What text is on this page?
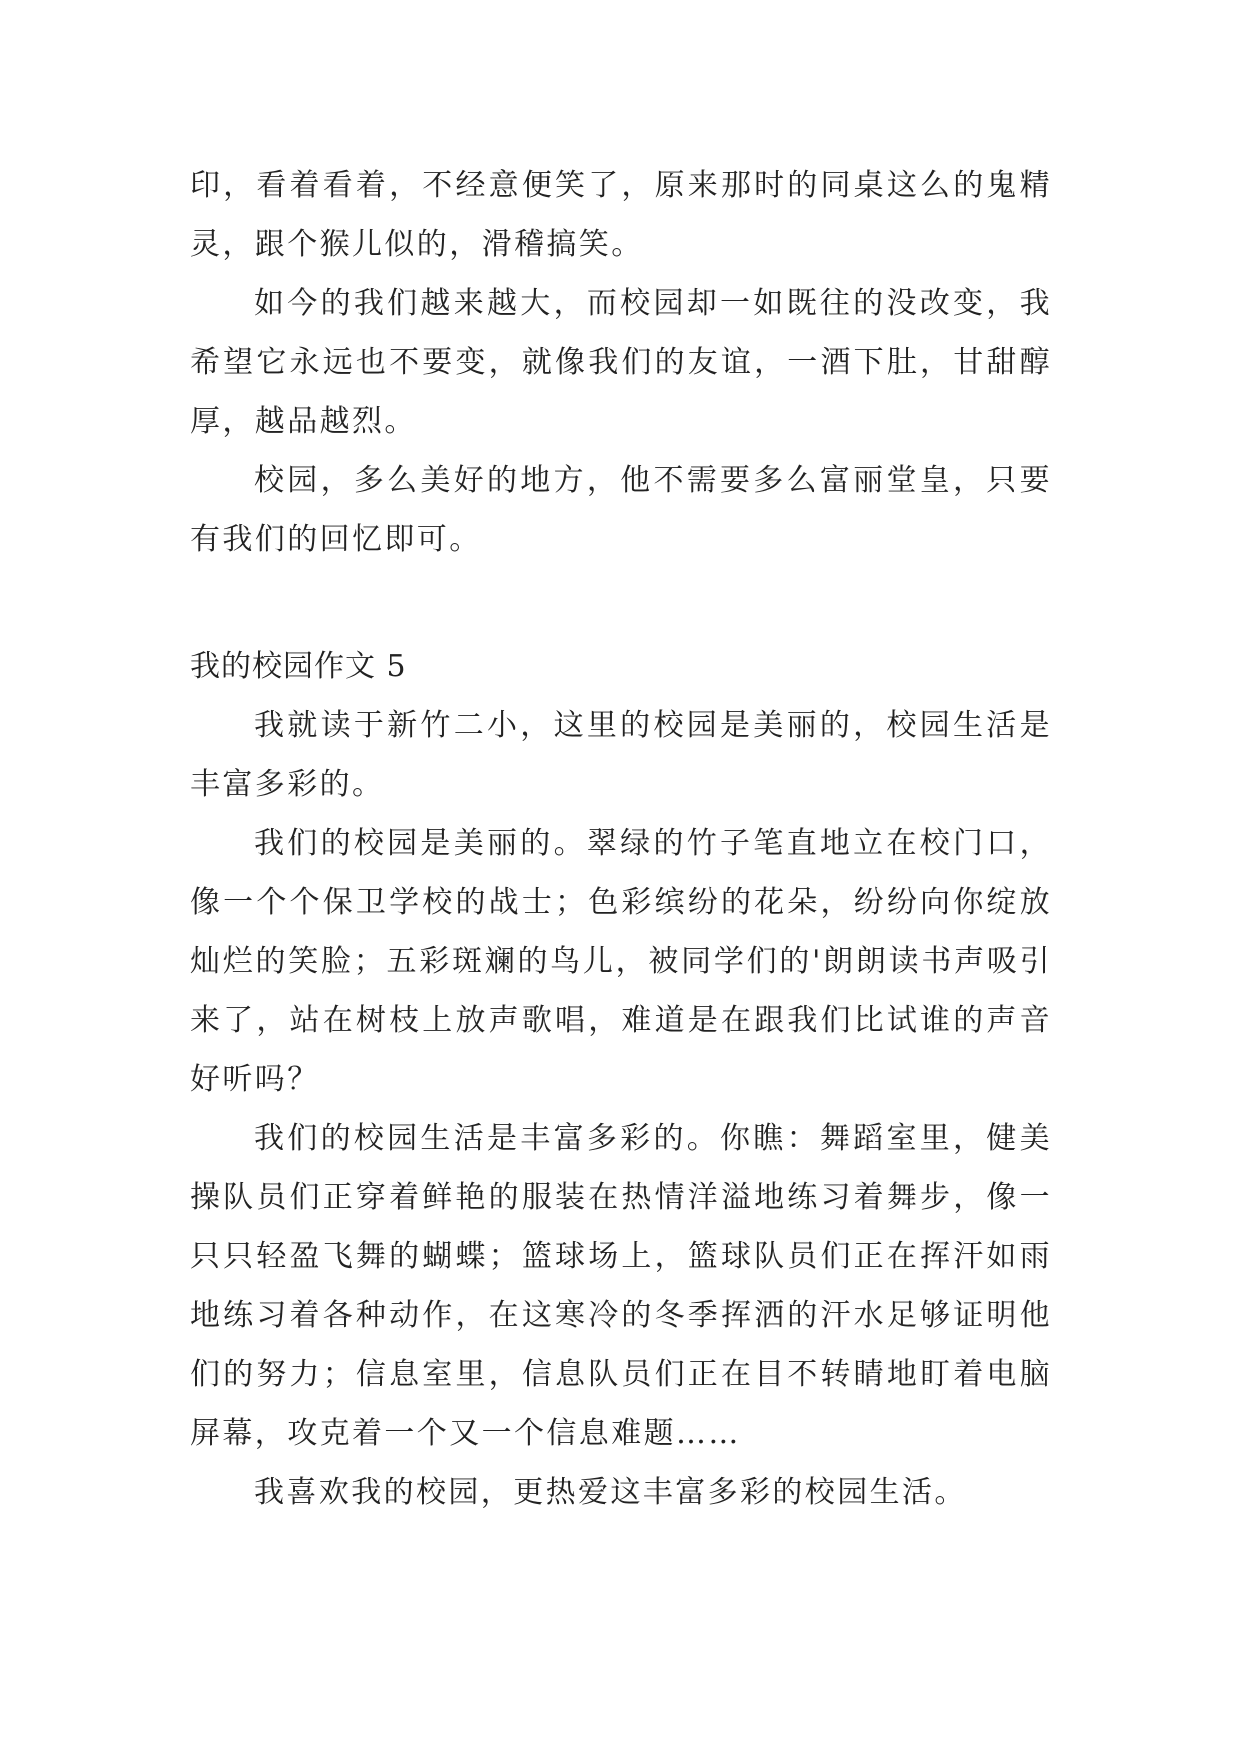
印，看着看着，不经意便笑了，原来那时的同桌这么的鬼精灵，跟个猴儿似的，滑稽搞笑。

如今的我们越来越大，而校园却一如既往的没改变，我希望它永远也不要变，就像我们的友谊，一酒下肚，甘甜醇厚，越品越烈。

校园，多么美好的地方，他不需要多么富丽堂皇，只要有我们的回忆即可。

我的校园作文 5

我就读于新竹二小，这里的校园是美丽的，校园生活是丰富多彩的。

我们的校园是美丽的。翠绿的竹子笔直地立在校门口，像一个个保卫学校的战士；色彩缤纷的花朵，纷纷向你绽放灿烂的笑脸；五彩斑斓的鸟儿，被同学们的'朗朗读书声吸引来了，站在树枝上放声歌唱，难道是在跟我们比试谁的声音好听吗？

我们的校园生活是丰富多彩的。你瞧：舞蹈室里，健美操队员们正穿着鲜艳的服装在热情洋溢地练习着舞步，像一只只轻盈飞舞的蝴蝶；篮球场上，篮球队员们正在挥汗如雨地练习着各种动作，在这寒冷的冬季挥洒的汗水足够证明他们的努力；信息室里，信息队员们正在目不转睛地盯着电脑屏幕，攻克着一个又一个信息难题……

我喜欢我的校园，更热爱这丰富多彩的校园生活。
